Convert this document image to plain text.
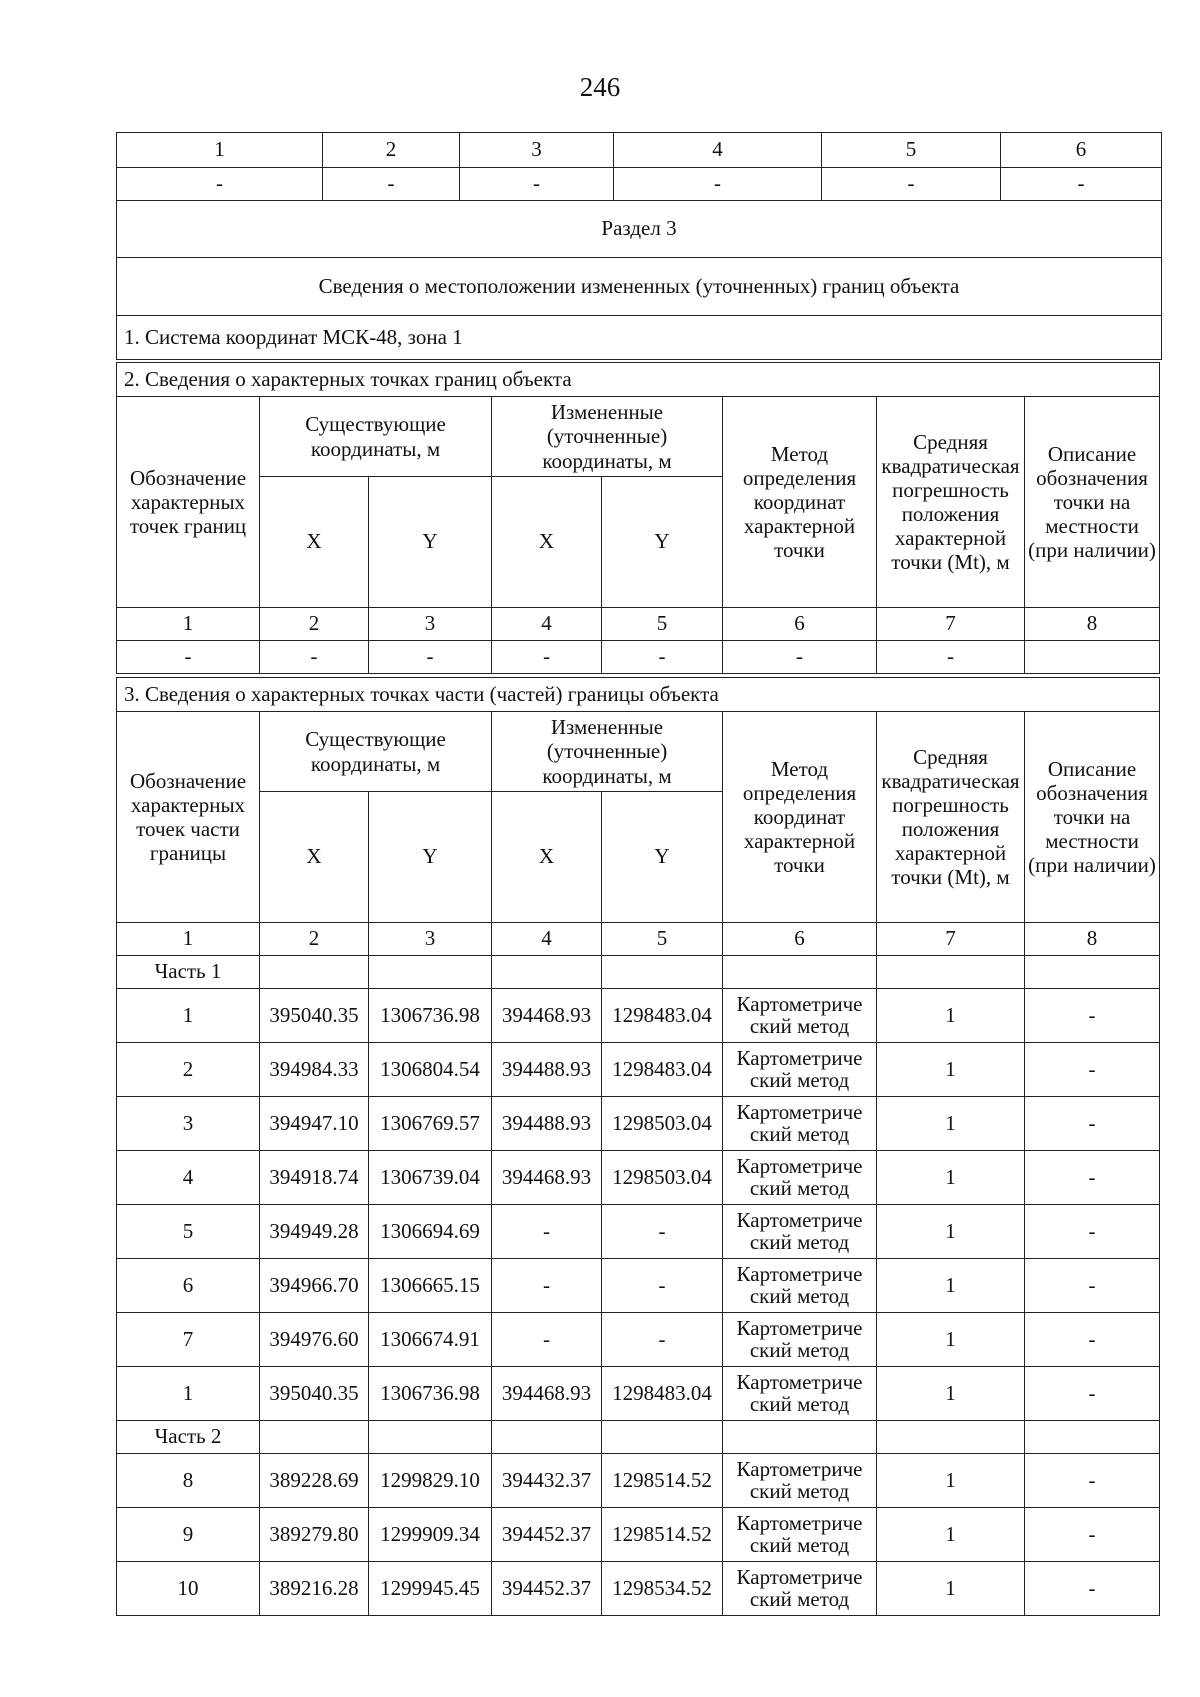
246
1	2	3	4	5	6
-	-	-	-	-	-
Раздел 3					
Сведения о местоположении измененных (уточненных) границ объекта					
1. Система координат МСК-48, зона 1					
2. Сведения о характерных точках границ объекта							
Обозначение характерных точек границ	Существующие координаты, м		Измененные (уточненные) координаты, м		Метод определения координат характерной точки	Средняя квадратическая погрешность положения характерной точки (Mt), м	Описание обозначения точки на местности (при наличии)
	X	Y	X	Y			
1	2	3	4	5	6	7	8
-	-	-	-	-	-	-	
3. Сведения о характерных точках части (частей) границы объекта							
Обозначение характерных точек части границы	Существующие координаты, м		Измененные (уточненные) координаты, м		Метод определения координат характерной точки	Средняя квадратическая погрешность положения характерной точки (Mt), м	Описание обозначения точки на местности (при наличии)
	X	Y	X	Y			
1	2	3	4	5	6	7	8
Часть 1							
1	395040.35	1306736.98	394468.93	1298483.04	Картометриче ский метод	1	-
2	394984.33	1306804.54	394488.93	1298483.04	Картометриче ский метод	1	-
3	394947.10	1306769.57	394488.93	1298503.04	Картометриче ский метод	1	-
4	394918.74	1306739.04	394468.93	1298503.04	Картометриче ский метод	1	-
5	394949.28	1306694.69	-	-	Картометриче ский метод	1	-
6	394966.70	1306665.15	-	-	Картометриче ский метод	1	-
7	394976.60	1306674.91	-	-	Картометриче ский метод	1	-
1	395040.35	1306736.98	394468.93	1298483.04	Картометриче ский метод	1	-
Часть 2							
8	389228.69	1299829.10	394432.37	1298514.52	Картометриче ский метод	1	-
9	389279.80	1299909.34	394452.37	1298514.52	Картометриче ский метод	1	-
10	389216.28	1299945.45	394452.37	1298534.52	Картометриче ский метод	1	-
